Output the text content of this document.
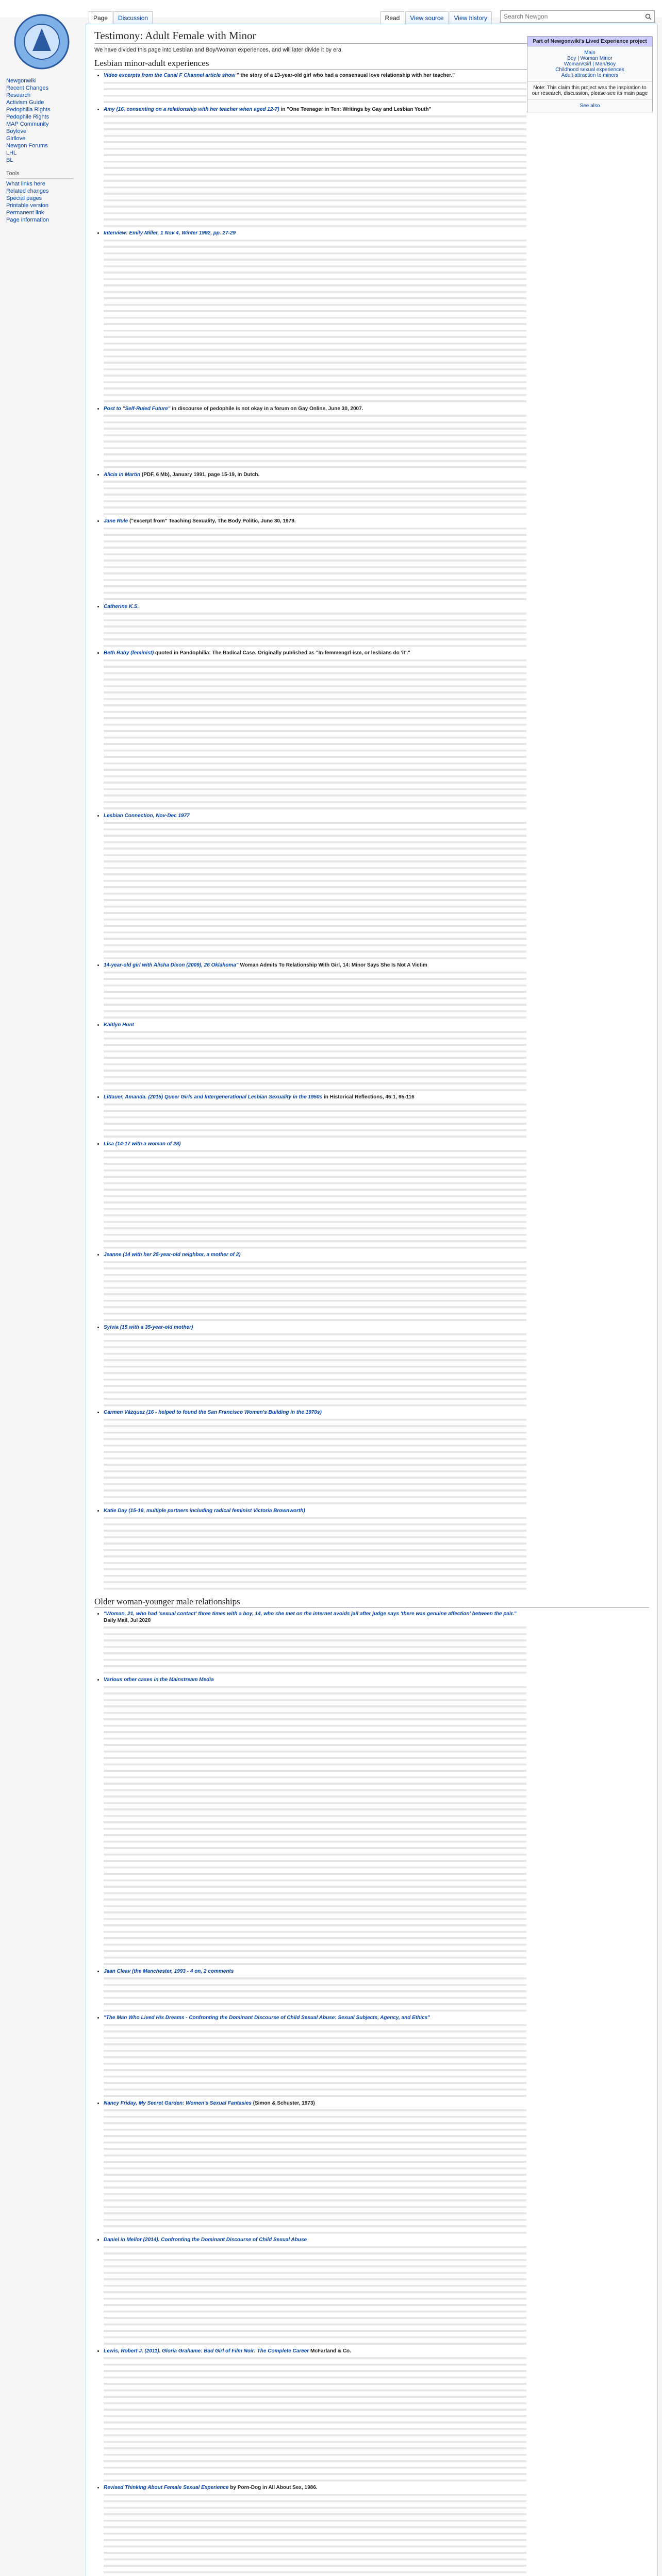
Page	Discussion	Read	View source	View history
Search Newgon
Newgonwiki
Recent Changes
Research
Activism Guide
Pedophilia Rights
Pedophile Rights
MAP Community
Boylove
Girllove
Newgon Forums
LHL
BL
Tools
What links here
Related changes
Special pages
Printable version
Permanent link
Page information
Testimony: Adult Female with Minor

We have divided this page into Lesbian and Boy/Woman experiences, and will later divide it by era.

Lesbian minor-adult experiences
• Video excerpts from the Canal F Channel article show " the story of a 13-year-old girl who had a consensual love relationship with her teacher."
• Amy (16, consenting on a relationship with her teacher when aged 12-7) in "One Teenager in Ten: Writings by Gay and Lesbian Youth"
• Interview: Emily Miller, 1 Nov 4, Winter 1992, pp. 27-29
• Post to "Self-Ruled Future" in discourse of pedophile is not okay in a forum on Gay Online, June 30, 2007.
• Alicia in Martin (PDF, 6 Mb), January 1991, page 15-19, in Dutch.
• Jane Rule ("excerpt from" Teaching Sexuality, The Body Politic, June 30, 1979.
• Catherine K.S.
• Beth Raby (feminist) quoted in Pandophilia: The Radical Case. Originally published as "In-femmengrl-ism, or lesbians do 'it'."
• Lesbian Connection, Nov-Dec 1977
• 14-year-old girl with Alisha Dixon (2009), 26 Oklahoma" Woman Admits To Relationship With Girl, 14: Minor Says She Is Not A Victim
• Kaitlyn Hunt
• Littauer, Amanda. (2015) Queer Girls and Intergenerational Lesbian Sexuality in the 1950s in Historical Reflections, 46:1, 95-116
• Lisa (14-17 with a woman of 28)
• Jeanne (14 with her 25-year-old neighbor, a mother of 2)
• Sylvia (15 with a 35-year-old mother)
• Carmen Vázquez (16 - helped to found the San Francisco Women's Building in the 1970s)
• Katie Day (15-16, multiple partners including radical feminist Victoria Brownworth)
Older woman-younger male relationships
• "Woman, 21, who had 'sexual contact' three times with a boy, 14, who she met on the internet avoids jail after judge says 'there was genuine affection' between the pair." Daily Mail, Jul 2020
• Various other cases in the Mainstream Media
• Jaan Cleav (the Manchester, 1993 - 4 on, 2 comments
• "The Man Who Lived His Dreams - Confronting the Dominant Discourse of Child Sexual Abuse: Sexual Subjects, Agency, and Ethics"
• Nancy Friday, My Secret Garden: Women's Sexual Fantasies (Simon & Schuster, 1973)
• Daniel in Mellor (2014). Confronting the Dominant Discourse of Child Sexual Abuse
• Lewis, Robert J. (2011). Gloria Grahame: Bad Girl of Film Noir: The Complete Career McFarland & Co.
• Revised Thinking About Female Sexual Experience by Porn-Dog in All About Sex, 1986.
Part of Newgonwiki's Lived Experience project
Main
Boy | Woman Minor
Woman/Girl | Man/Boy
Childhood sexual experiences
Adult attraction to minors
Note: This claim this project was the inspiration to our research, discussion, please see its main page
See also
